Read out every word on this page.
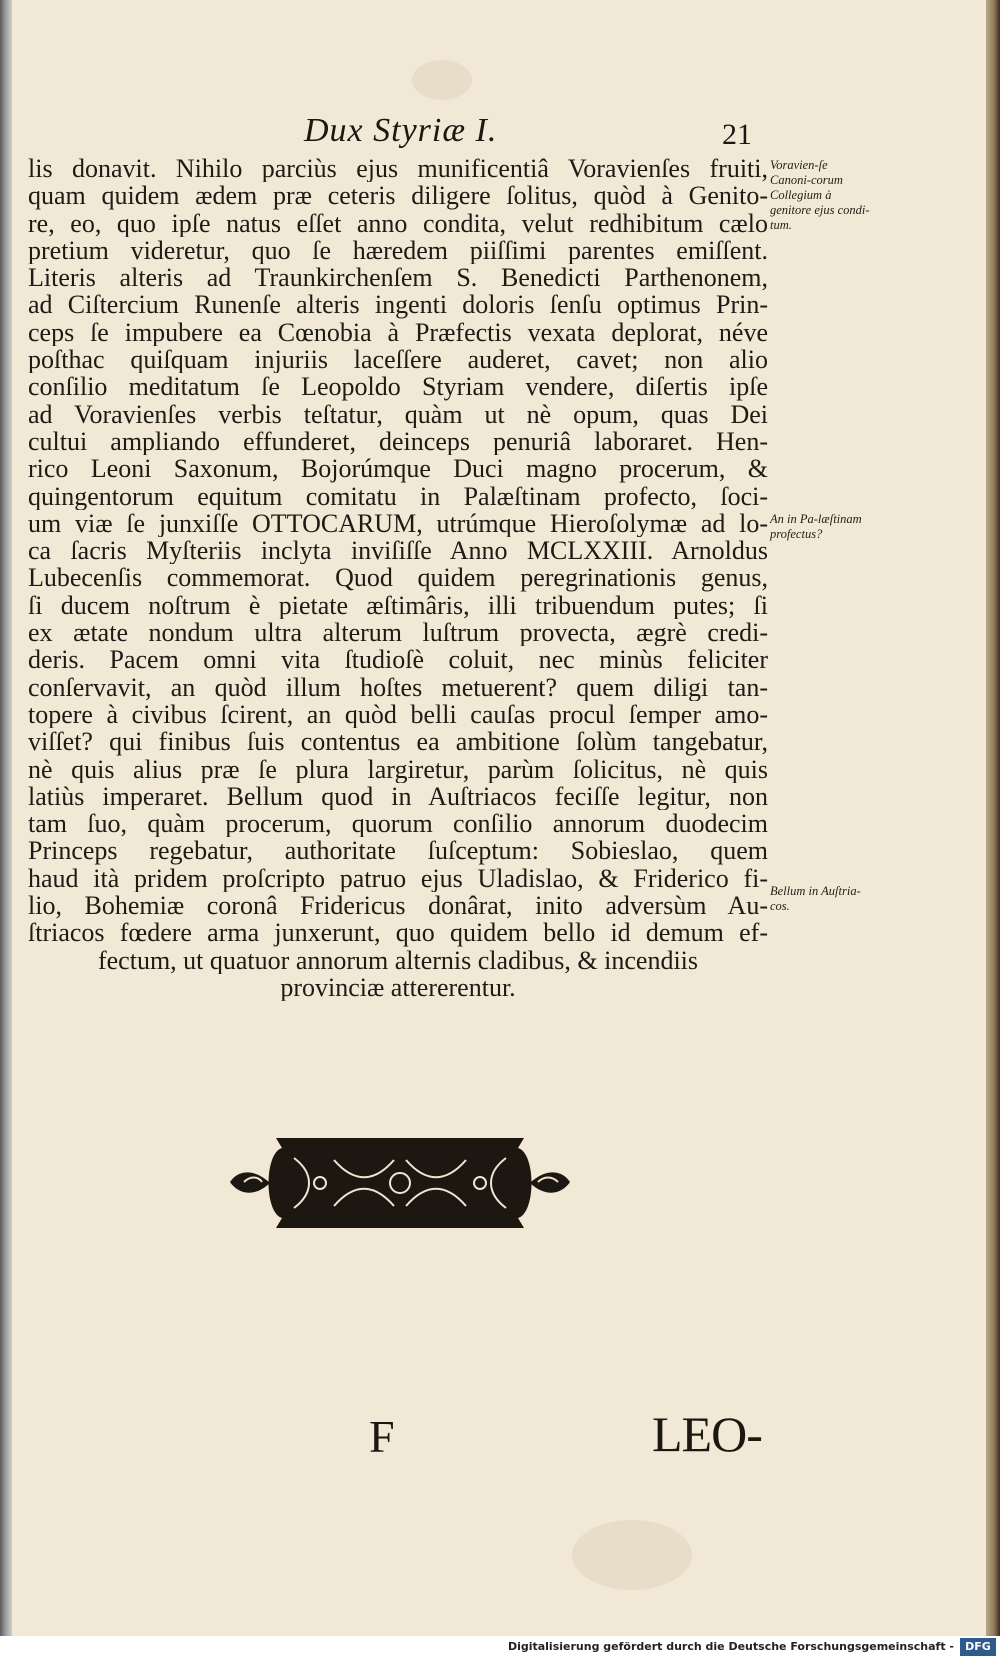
Dux Styriæ I.	21
lis donavit. Nihilo parciùs ejus munificentiâ Voravienſes fruiti,
quam quidem ædem præ ceteris diligere ſolitus, quòd à Genito-
re, eo, quo ipſe natus eſſet anno condita, velut redhibitum cælo
pretium videretur, quo ſe hæredem piiſſimi parentes emiſſent.
Literis alteris ad Traunkirchenſem S. Benedicti Parthenonem,
ad Ciſtercium Runenſe alteris ingenti doloris ſenſu optimus Prin-
ceps ſe impubere ea Cœnobia à Præfectis vexata deplorat, néve
poſthac quiſquam injuriis laceſſere auderet, cavet; non alio
conſilio meditatum ſe Leopoldo Styriam vendere, diſertis ipſe
ad Voravienſes verbis teſtatur, quàm ut nè opum, quas Dei
cultui ampliando effunderet, deinceps penuriâ laboraret. Hen-
rico Leoni Saxonum, Bojorúmque Duci magno procerum, &
quingentorum equitum comitatu in Palæſtinam profecto, ſoci-
um viæ ſe junxiſſe OTTOCARUM, utrúmque Hieroſolymæ ad lo-
ca ſacris Myſteriis inclyta inviſiſſe Anno MCLXXIII. Arnoldus
Lubecenſis commemorat. Quod quidem peregrinationis genus,
ſi ducem noſtrum è pietate æſtimâris, illi tribuendum putes; ſi
ex ætate nondum ultra alterum luſtrum provecta, ægrè credi-
deris. Pacem omni vita ſtudioſè coluit, nec minùs feliciter
conſervavit, an quòd illum hoſtes metuerent? quem diligi tan-
topere à civibus ſcirent, an quòd belli cauſas procul ſemper amo-
viſſet? qui finibus ſuis contentus ea ambitione ſolùm tangebatur,
nè quis alius præ ſe plura largiretur, parùm ſolicitus, nè quis
latiùs imperaret. Bellum quod in Auſtriacos feciſſe legitur, non
tam ſuo, quàm procerum, quorum conſilio annorum duodecim
Princeps regebatur, authoritate ſuſceptum: Sobieslao, quem
haud ità pridem proſcripto patruo ejus Uladislao, & Friderico fi-
lio, Bohemiæ coronâ Fridericus donârat, inito adversùm Au-
ſtriacos fœdere arma junxerunt, quo quidem bello id demum ef-
fectum, ut quatuor annorum alternis cladibus, & incendiis
provinciæ attererentur.
Voravien-ſe Canoni-corum Collegium à genitore ejus condi-tum.
An in Pa-læſtinam profectus?
Bellum in Auſtria-cos.
F	LEO-
Digitalisierung gefördert durch die Deutsche Forschungsgemeinschaft -	DFG
